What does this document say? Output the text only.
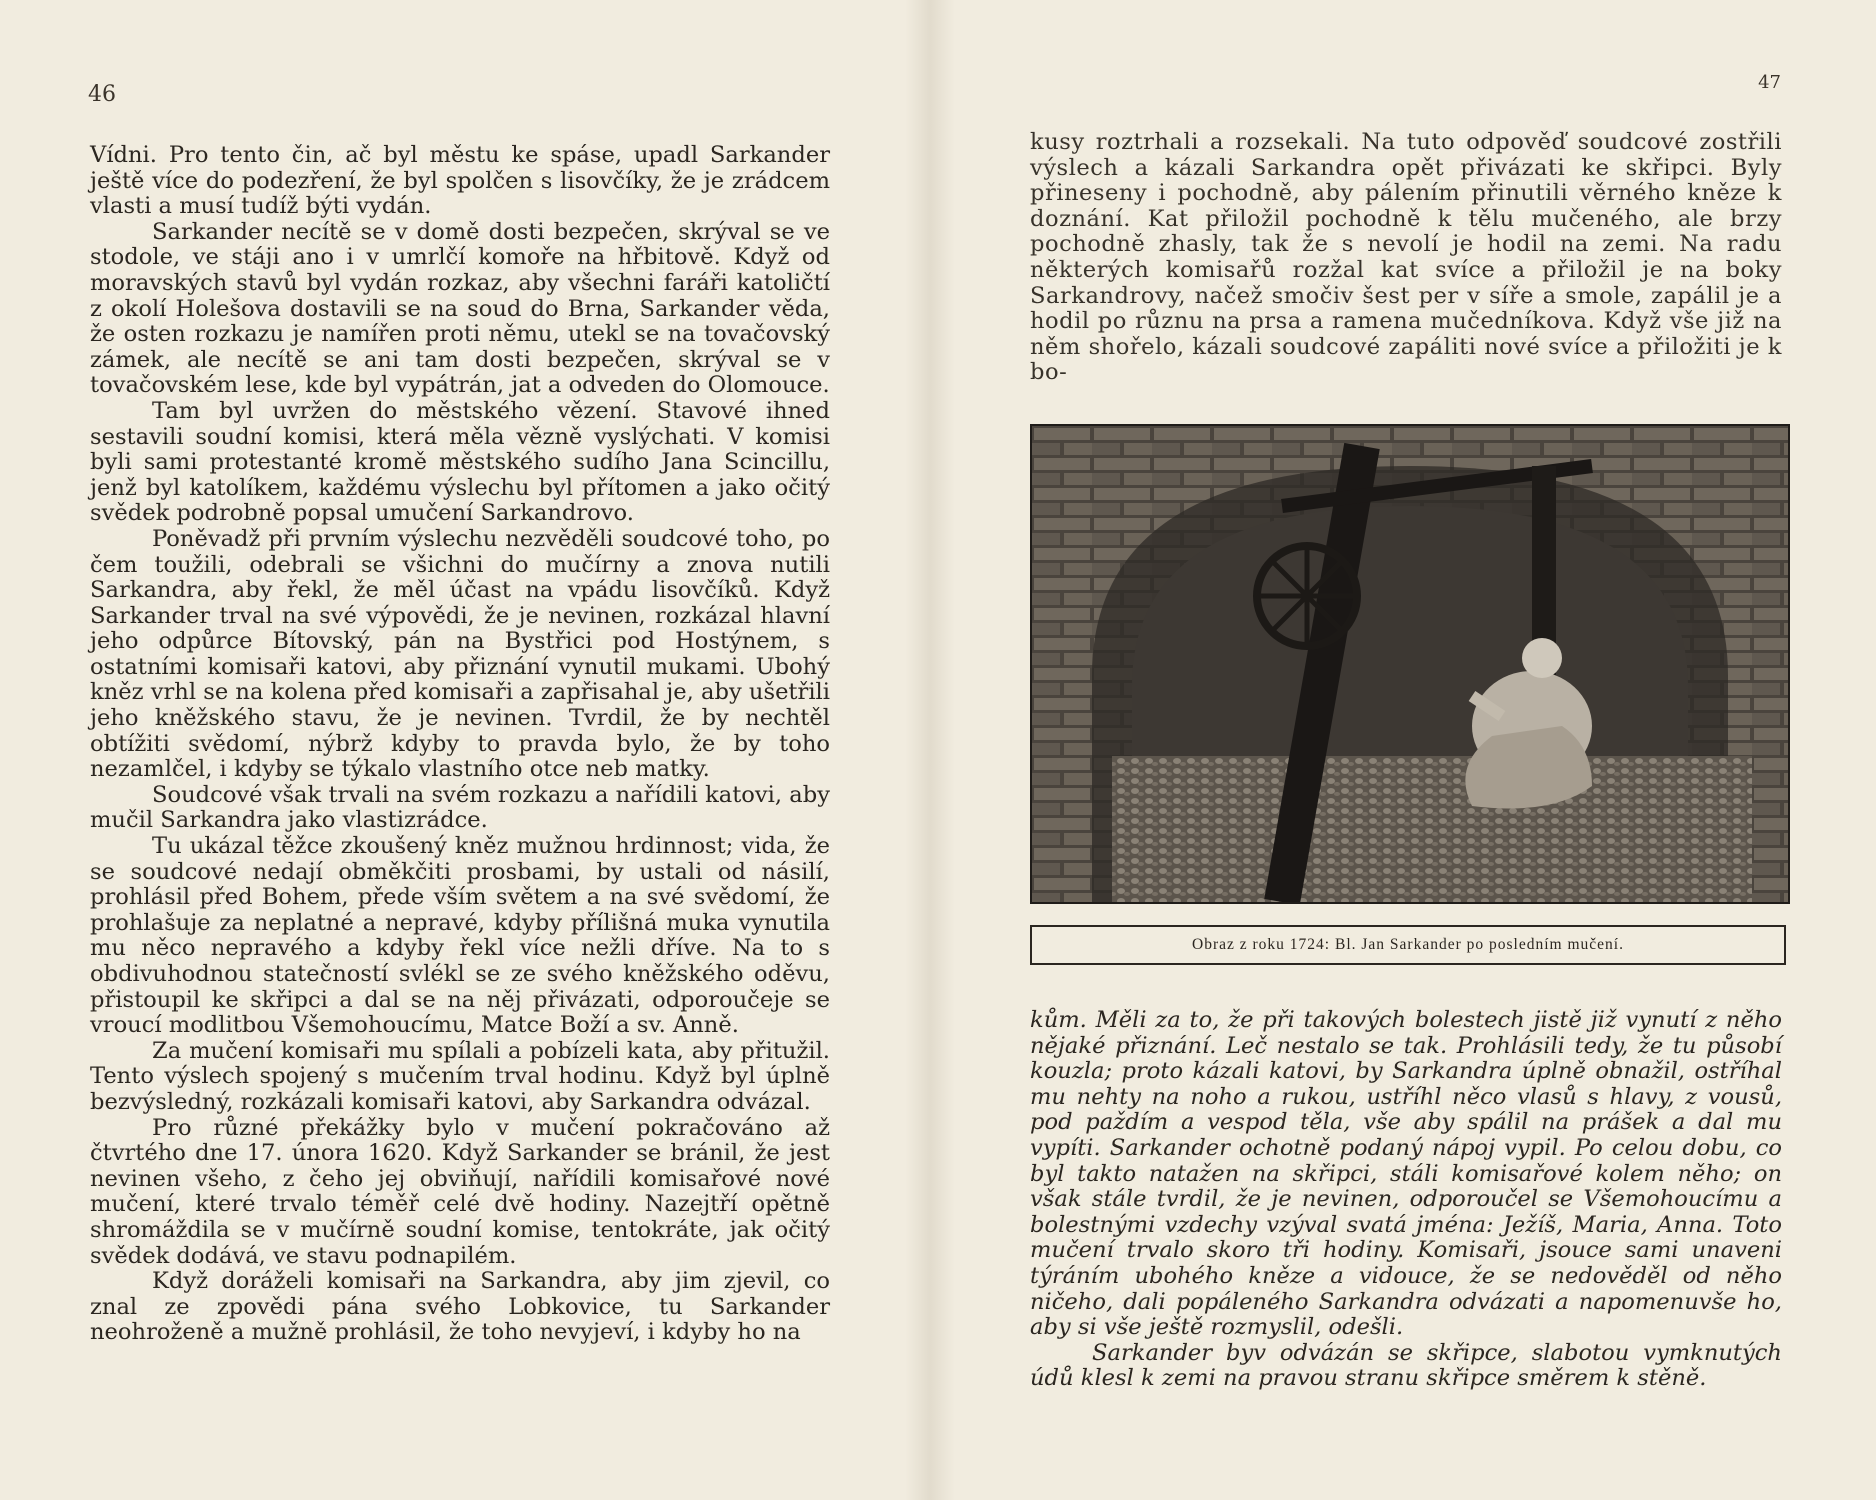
46

Vídni. Pro tento čin, ač byl městu ke spáse, upadl Sarkander ještě více do podezření, že byl spolčen s lisovčíky, že je zrádcem vlasti a musí tudíž býti vydán.

Sarkander necítě se v domě dosti bezpečen, skrýval se ve stodole, ve stáji ano i v umrlčí komoře na hřbitově. Když od moravských stavů byl vydán rozkaz, aby všechni faráři katoličtí z okolí Holešova dostavili se na soud do Brna, Sarkander věda, že osten rozkazu je namířen proti němu, utekl se na tovačovský zámek, ale necítě se ani tam dosti bezpečen, skrýval se v tovačovském lese, kde byl vypátrán, jat a odveden do Olomouce.

Tam byl uvržen do městského vězení. Stavové ihned sestavili soudní komisi, která měla vězně vyslýchati. V komisi byli sami protestanté kromě městského sudího Jana Scincillu, jenž byl katolíkem, každému výslechu byl přítomen a jako očitý svědek podrobně popsal umučení Sarkandrovo.

Poněvadž při prvním výslechu nezvěděli soudcové toho, po čem toužili, odebrali se všichni do mučírny a znova nutili Sarkandra, aby řekl, že měl účast na vpádu lisovčíků. Když Sarkander trval na své výpovědi, že je nevinen, rozkázal hlavní jeho odpůrce Bítovský, pán na Bystřici pod Hostýnem, s ostatními komisaři katovi, aby přiznání vynutil mukami. Ubohý kněz vrhl se na kolena před komisaři a zapřisahal je, aby ušetřili jeho kněžského stavu, že je nevinen. Tvrdil, že by nechtěl obtížiti svědomí, nýbrž kdyby to pravda bylo, že by toho nezamlčel, i kdyby se týkalo vlastního otce neb matky.

Soudcové však trvali na svém rozkazu a nařídili katovi, aby mučil Sarkandra jako vlastizrádce.

Tu ukázal těžce zkoušený kněz mužnou hrdinnost; vida, že se soudcové nedají obměkčiti prosbami, by ustali od násilí, prohlásil před Bohem, přede vším světem a na své svědomí, že prohlašuje za neplatné a nepravé, kdyby přílišná muka vynutila mu něco nepravého a kdyby řekl více nežli dříve. Na to s obdivuhodnou statečností svlékl se ze svého kněžského oděvu, přistoupil ke skřipci a dal se na něj přivázati, odporoučeje se vroucí modlitbou Všemohoucímu, Matce Boží a sv. Anně.

Za mučení komisaři mu spílali a pobízeli kata, aby přitužil. Tento výslech spojený s mučením trval hodinu. Když byl úplně bezvýsledný, rozkázali komisaři katovi, aby Sarkandra odvázal.

Pro různé překážky bylo v mučení pokračováno až čtvrtého dne 17. února 1620. Když Sarkander se bránil, že jest nevinen všeho, z čeho jej obviňují, nařídili komisařové nové mučení, které trvalo téměř celé dvě hodiny. Nazejtří opětně shromáždila se v mučírně soudní komise, tentokráte, jak očitý svědek dodává, ve stavu podnapilém.

Když doráželi komisaři na Sarkandra, aby jim zjevil, co znal ze zpovědi pána svého Lobkovice, tu Sarkander neohroženě a mužně prohlásil, že toho nevyjeví, i kdyby ho na

47

kusy roztrhali a rozsekali. Na tuto odpověď soudcové zostřili výslech a kázali Sarkandra opět přivázati ke skřipci. Byly přineseny i pochodně, aby pálením přinutili věrného kněze k doznání. Kat přiložil pochodně k tělu mučeného, ale brzy pochodně zhasly, tak že s nevolí je hodil na zemi. Na radu některých komisařů rozžal kat svíce a přiložil je na boky Sarkandrovy, načež smočiv šest per v síře a smole, zapálil je a hodil po různu na prsa a ramena mučedníkova. Když vše již na něm shořelo, kázali soudcové zapáliti nové svíce a přiložiti je k bo-

Obraz z roku 1724: Bl. Jan Sarkander po posledním mučení.

kům. Měli za to, že při takových bolestech jistě již vynutí z něho nějaké přiznání. Leč nestalo se tak. Prohlásili tedy, že tu působí kouzla; proto kázali katovi, by Sarkandra úplně obnažil, ostříhal mu nehty na noho a rukou, ustříhl něco vlasů s hlavy, z vousů, pod paždím a vespod těla, vše aby spálil na prášek a dal mu vypíti. Sarkander ochotně podaný nápoj vypil. Po celou dobu, co byl takto natažen na skřipci, stáli komisařové kolem něho; on však stále tvrdil, že je nevinen, odporoučel se Všemohoucímu a bolestnými vzdechy vzýval svatá jména: Ježíš, Maria, Anna. Toto mučení trvalo skoro tři hodiny. Komisaři, jsouce sami unaveni týráním ubohého kněze a vidouce, že se nedověděl od něho ničeho, dali popáleného Sarkandra odvázati a napomenuvše ho, aby si vše ještě rozmyslil, odešli.

Sarkander byv odvázán se skřipce, slabotou vymknutých údů klesl k zemi na pravou stranu skřipce směrem k stěně.
